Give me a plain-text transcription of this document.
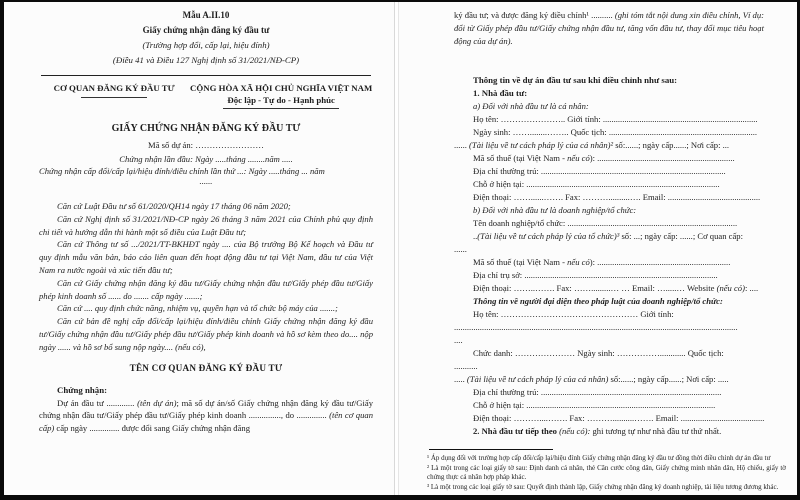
Mẫu A.II.10
Giấy chứng nhận đăng ký đầu tư
(Trường hợp đổi, cấp lại, hiệu đính)
(Điều 41 và Điều 127 Nghị định số 31/2021/NĐ-CP)
CƠ QUAN ĐĂNG KÝ ĐẦU TƯ	CỘNG HÒA XÃ HỘI CHỦ NGHĨA VIỆT NAM
Độc lập - Tự do - Hạnh phúc
GIẤY CHỨNG NHẬN ĐĂNG KÝ ĐẦU TƯ
Mã số dự án: ……………………
Chứng nhận lần đầu: Ngày .....tháng ........năm .....
Chứng nhận cấp đổi/cấp lại/hiệu đính/điều chỉnh lần thứ ...: Ngày .....tháng ... năm
......

Căn cứ Luật Đầu tư số 61/2020/QH14 ngày 17 tháng 06 năm 2020;

Căn cứ Nghị định số 31/2021/NĐ-CP ngày 26 tháng 3 năm 2021 của Chính phủ quy định chi tiết và hướng dẫn thi hành một số điều của Luật Đầu tư;

Căn cứ Thông tư số .../2021/TT-BKHĐT ngày .... của Bộ trưởng Bộ Kế hoạch và Đầu tư quy định mẫu văn bản, báo cáo liên quan đến hoạt động đầu tư tại Việt Nam, đầu tư của Việt Nam ra nước ngoài và xúc tiến đầu tư;

Căn cứ Giấy chứng nhận đăng ký đầu tư/Giấy chứng nhận đầu tư/Giấy phép đầu tư/Giấy phép kinh doanh số ...... do ....... cấp ngày .......;

Căn cứ .... quy định chức năng, nhiệm vụ, quyền hạn và tổ chức bộ máy của .......;

Căn cứ bản đề nghị cấp đổi/cấp lại/hiệu đính/điều chỉnh Giấy chứng nhận đăng ký đầu tư/Giấy chứng nhận đầu tư/Giấy phép đầu tư/Giấy phép kinh doanh và hồ sơ kèm theo do.... nộp ngày ...... và hồ sơ bổ sung nộp ngày.... (nếu có),

TÊN CƠ QUAN ĐĂNG KÝ ĐẦU TƯ
Chứng nhận:

Dự án đầu tư ............. (tên dự án); mã số dự án/số Giấy chứng nhận đăng ký đầu tư/Giấy chứng nhận đầu tư/Giấy phép đầu tư/Giấy phép kinh doanh ..............., do .............. (tên cơ quan cấp) cấp ngày .............. được đổi sang Giấy chứng nhận đăng

ký đầu tư; và được đăng ký điều chỉnh¹ .......... (ghi tóm tắt nội dung xin điều chỉnh, Ví dụ: đổi từ Giấy phép đầu tư/Giấy chứng nhận đầu tư, tăng vốn đầu tư, thay đổi mục tiêu hoạt động của dự án).

Thông tin về dự án đầu tư sau khi điều chỉnh như sau:
1. Nhà đầu tư:
a) Đối với nhà đầu tư là cá nhân:
Họ tên: ………………….. Giới tính: ........................................................................
Ngày sinh: ……........…….. Quốc tịch: .....................................................................
...... (Tài liệu về tư cách pháp lý của cá nhân)² số:......; ngày cấp......; Nơi cấp: ...
Mã số thuế (tại Việt Nam - nếu có): ................................................................
Địa chỉ thường trú: ......................................................................................
Chỗ ở hiện tại: ..........................................................................................
Điện thoại: ……......……. Fax: ………..........…. Email: ...........................................
b) Đối với nhà đầu tư là doanh nghiệp/tổ chức:
Tên doanh nghiệp/tổ chức: ...............................................................................
..(Tài liệu về tư cách pháp lý của tổ chức)³ số: ...; ngày cấp: ......; Cơ quan cấp:
......
Mã số thuế (tại Việt Nam - nếu có): ..............................................................
Địa chỉ trụ sở: ..........................................................................................
Điện thoại: ……..……. Fax: …….........… … Email: ….....… Website (nếu có): ....
Thông tin về người đại diện theo pháp luật của doanh nghiệp/tổ chức:
Họ tên: ………………………………………… Giới tính:
....................................................................................................................................
....
Chức danh: ………………… Ngày sinh: ……………............ Quốc tịch:
...........
..... (Tài liệu về tư cách pháp lý của cá nhân) số:......; ngày cấp......; Nơi cấp: .....
Địa chỉ thường trú: ....................................................................................
Chỗ ở hiện tại: ........................................................................................
Điện thoại: ………....……. Fax: ………..........……. Email: .......................................
2. Nhà đầu tư tiếp theo (nếu có): ghi tương tự như nhà đầu tư thứ nhất.

¹ Áp dụng đối với trường hợp cấp đổi/cấp lại/hiệu đính Giấy chứng nhận đăng ký đầu tư đồng thời điều chỉnh dự án đầu tư

² Là một trong các loại giấy tờ sau: Định danh cá nhân, thẻ Căn cước công dân, Giấy chứng minh nhân dân, Hộ chiếu, giấy tờ chứng thực cá nhân hợp pháp khác.

³ Là một trong các loại giấy tờ sau: Quyết định thành lập, Giấy chứng nhận đăng ký doanh nghiệp, tài liệu tương đương khác.
